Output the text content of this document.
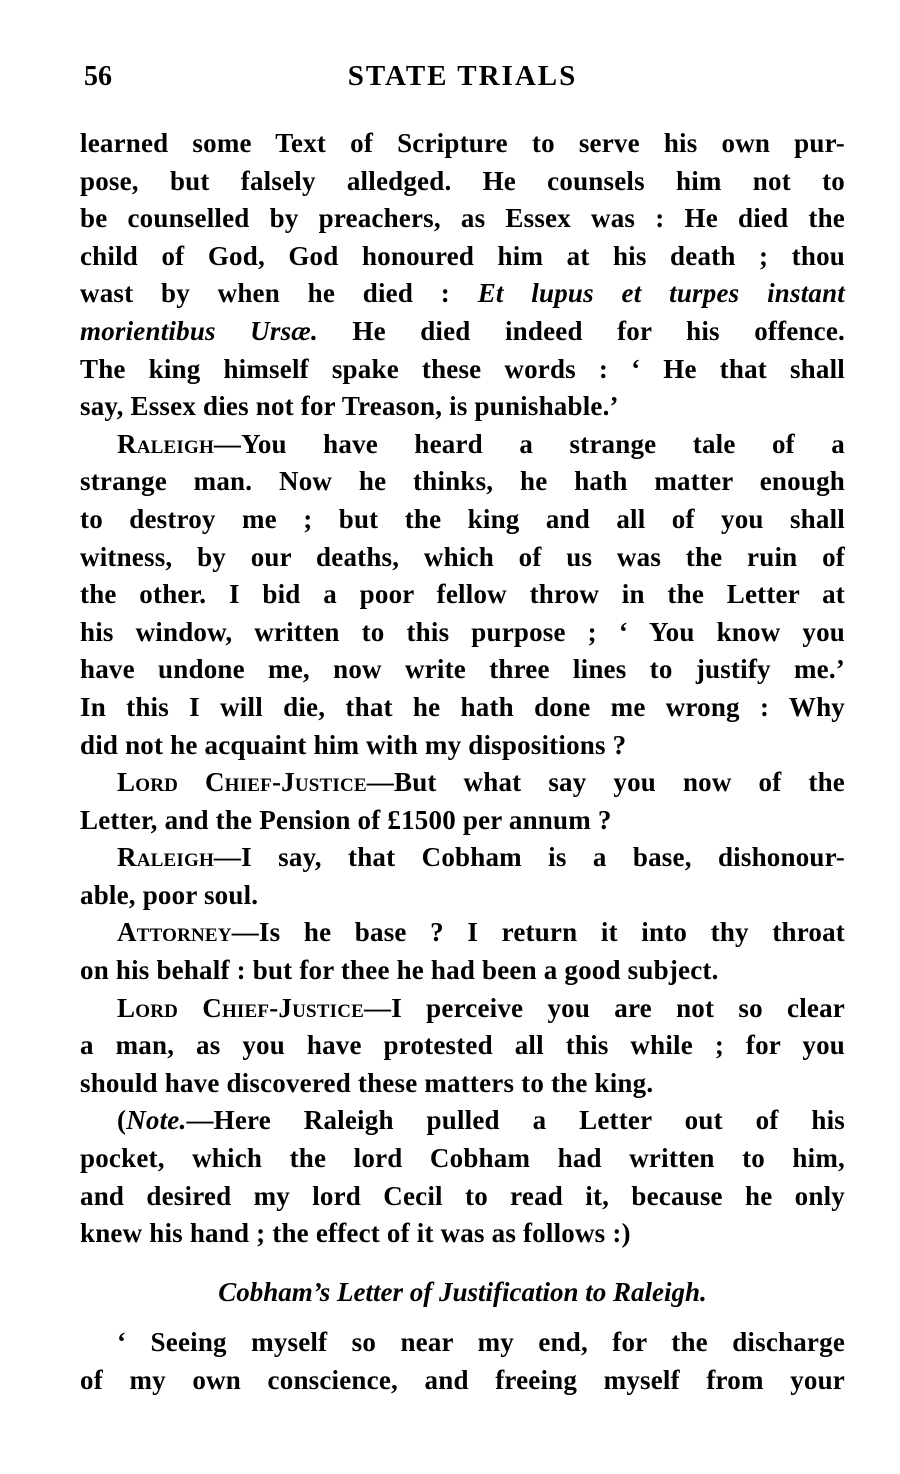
56	STATE TRIALS
learned some Text of Scripture to serve his own pur-
pose, but falsely alledged. He counsels him not to
be counselled by preachers, as Essex was : He died the
child of God, God honoured him at his death ; thou
wast by when he died : Et lupus et turpes instant
morientibus Ursæ. He died indeed for his offence.
The king himself spake these words : ‘ He that shall
say, Essex dies not for Treason, is punishable.’
Raleigh—You have heard a strange tale of a
strange man. Now he thinks, he hath matter enough
to destroy me ; but the king and all of you shall
witness, by our deaths, which of us was the ruin of
the other. I bid a poor fellow throw in the Letter at
his window, written to this purpose ; ‘ You know you
have undone me, now write three lines to justify me.’
In this I will die, that he hath done me wrong : Why
did not he acquaint him with my dispositions ?
Lord Chief-Justice—But what say you now of the
Letter, and the Pension of £1500 per annum ?
Raleigh—I say, that Cobham is a base, dishonour-
able, poor soul.
Attorney—Is he base ? I return it into thy throat
on his behalf : but for thee he had been a good subject.
Lord Chief-Justice—I perceive you are not so clear
a man, as you have protested all this while ; for you
should have discovered these matters to the king.
(Note.—Here Raleigh pulled a Letter out of his
pocket, which the lord Cobham had written to him,
and desired my lord Cecil to read it, because he only
knew his hand ; the effect of it was as follows :)
Cobham’s Letter of Justification to Raleigh.
‘ Seeing myself so near my end, for the discharge
of my own conscience, and freeing myself from your
